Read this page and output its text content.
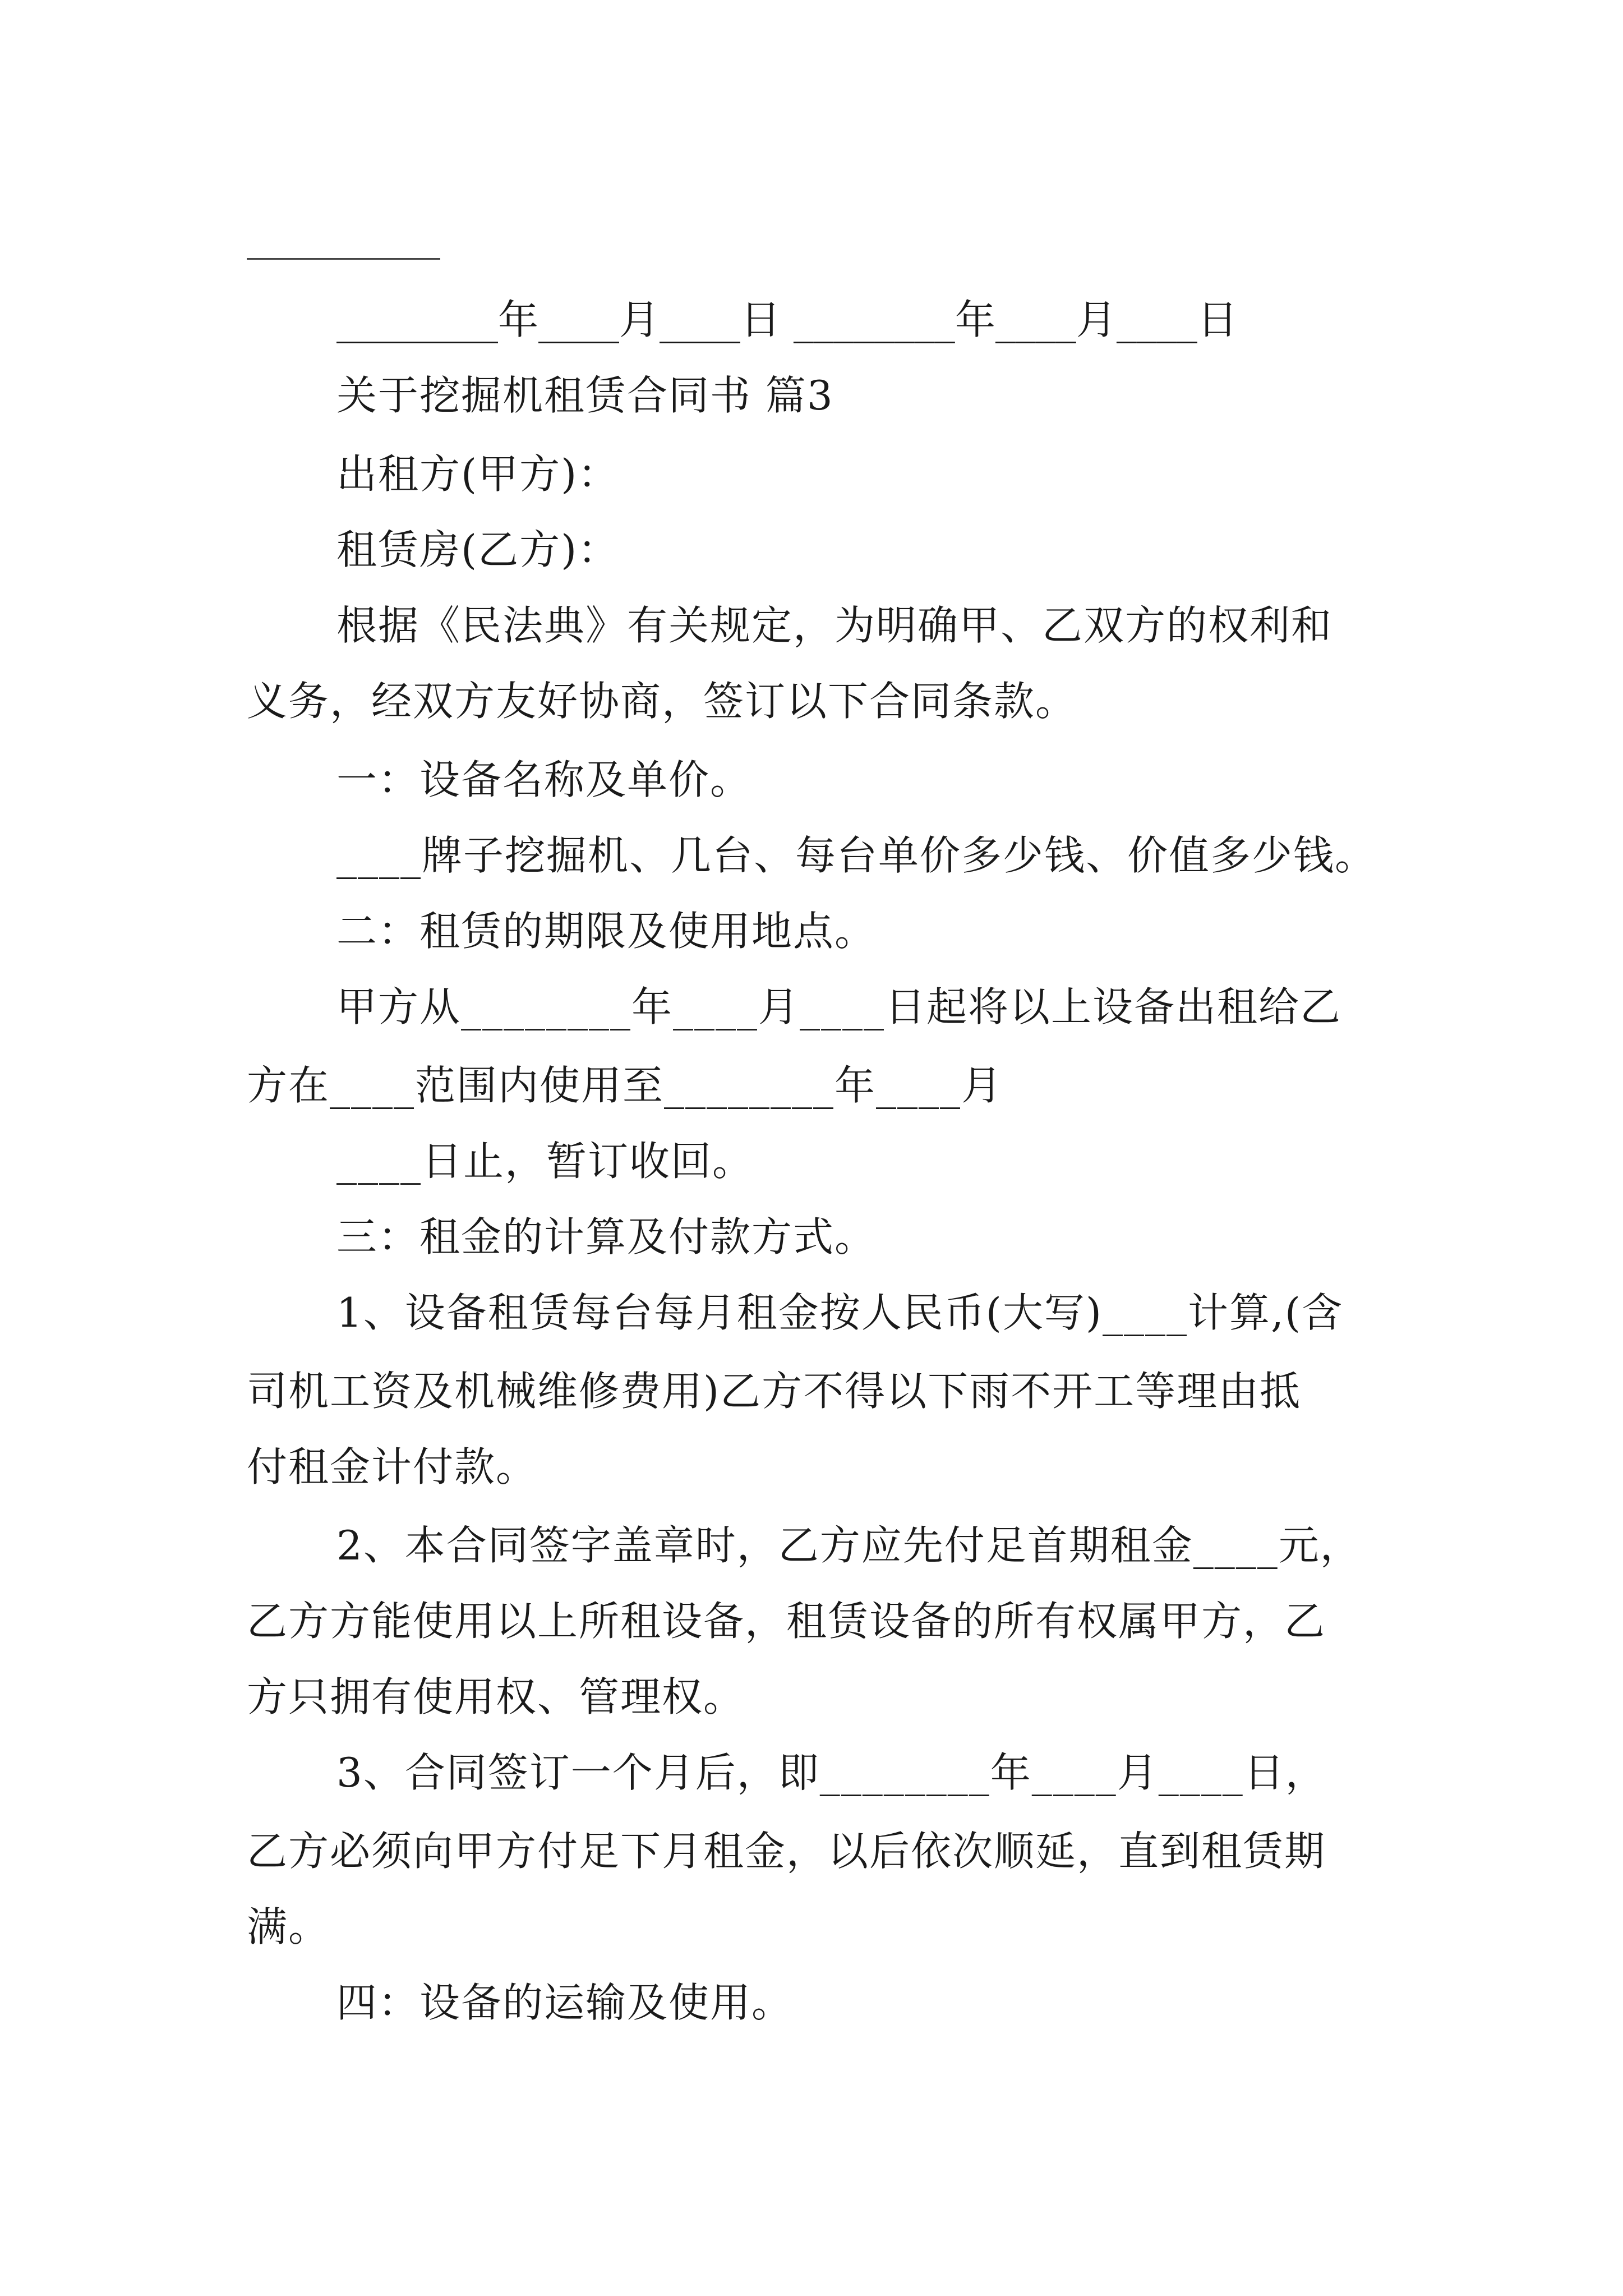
________年____月____日 ________年____月____日
关于挖掘机租赁合同书 篇3
出租方(甲方)：
租赁房(乙方)：
根据《民法典》有关规定，为明确甲、乙双方的权利和
义务，经双方友好协商，签订以下合同条款。
一：设备名称及单价。
____牌子挖掘机、几台、每台单价多少钱、价值多少钱。
二：租赁的期限及使用地点。
甲方从________年____月____日起将以上设备出租给乙
方在____范围内使用至________年____月
____日止，暂订收回。
三：租金的计算及付款方式。
1、设备租赁每台每月租金按人民币(大写)____计算,(含
司机工资及机械维修费用)乙方不得以下雨不开工等理由抵
付租金计付款。
2、本合同签字盖章时，乙方应先付足首期租金____元，
乙方方能使用以上所租设备，租赁设备的所有权属甲方，乙
方只拥有使用权、管理权。
3、合同签订一个月后，即________年____月____日，
乙方必须向甲方付足下月租金，以后依次顺延，直到租赁期
满。
四：设备的运输及使用。
